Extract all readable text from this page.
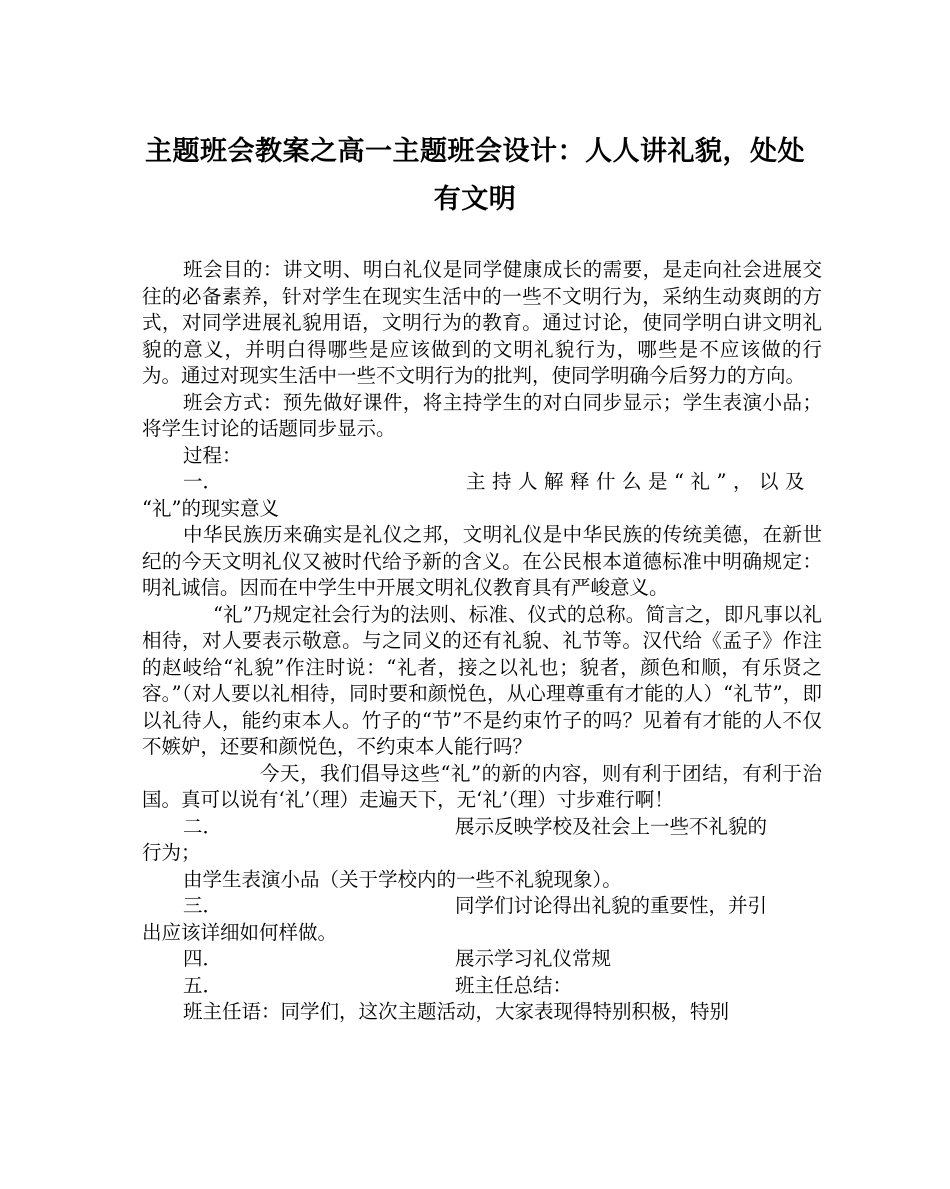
主题班会教案之高一主题班会设计：人人讲礼貌，处处
有文明

班会目的：讲文明、明白礼仪是同学健康成长的需要，是走向社会进展交往的必备素养，针对学生在现实生活中的一些不文明行为，采纳生动爽朗的方式，对同学进展礼貌用语，文明行为的教育。通过讨论，使同学明白讲文明礼貌的意义，并明白得哪些是应该做到的文明礼貌行为，哪些是不应该做的行为。通过对现实生活中一些不文明行为的批判，使同学明确今后努力的方向。

班会方式：预先做好课件，将主持学生的对白同步显示；学生表演小品；将学生讨论的话题同步显示。

过程：

一．	主持人解释什么是“礼”，以及

“礼”的现实意义

中华民族历来确实是礼仪之邦，文明礼仪是中华民族的传统美德，在新世纪的今天文明礼仪又被时代给予新的含义。在公民根本道德标准中明确规定：明礼诚信。因而在中学生中开展文明礼仪教育具有严峻意义。

“礼”乃规定社会行为的法则、标准、仪式的总称。简言之，即凡事以礼相待，对人要表示敬意。与之同义的还有礼貌、礼节等。汉代给《孟子》作注的赵岐给“礼貌”作注时说：“礼者，接之以礼也；貌者，颜色和顺，有乐贤之容。”（对人要以礼相待，同时要和颜悦色，从心理尊重有才能的人）“礼节”，即以礼待人，能约束本人。竹子的“节”不是约束竹子的吗？见着有才能的人不仅不嫉妒，还要和颜悦色，不约束本人能行吗？

今天，我们倡导这些“礼”的新的内容，则有利于团结，有利于治国。真可以说有‘礼’（理）走遍天下，无‘礼’（理）寸步难行啊！

二．	展示反映学校及社会上一些不礼貌的

行为；

由学生表演小品（关于学校内的一些不礼貌现象）。

三．	同学们讨论得出礼貌的重要性，并引

出应该详细如何样做。

四．	展示学习礼仪常规
五．	班主任总结：

班主任语：同学们，这次主题活动，大家表现得特别积极，特别
